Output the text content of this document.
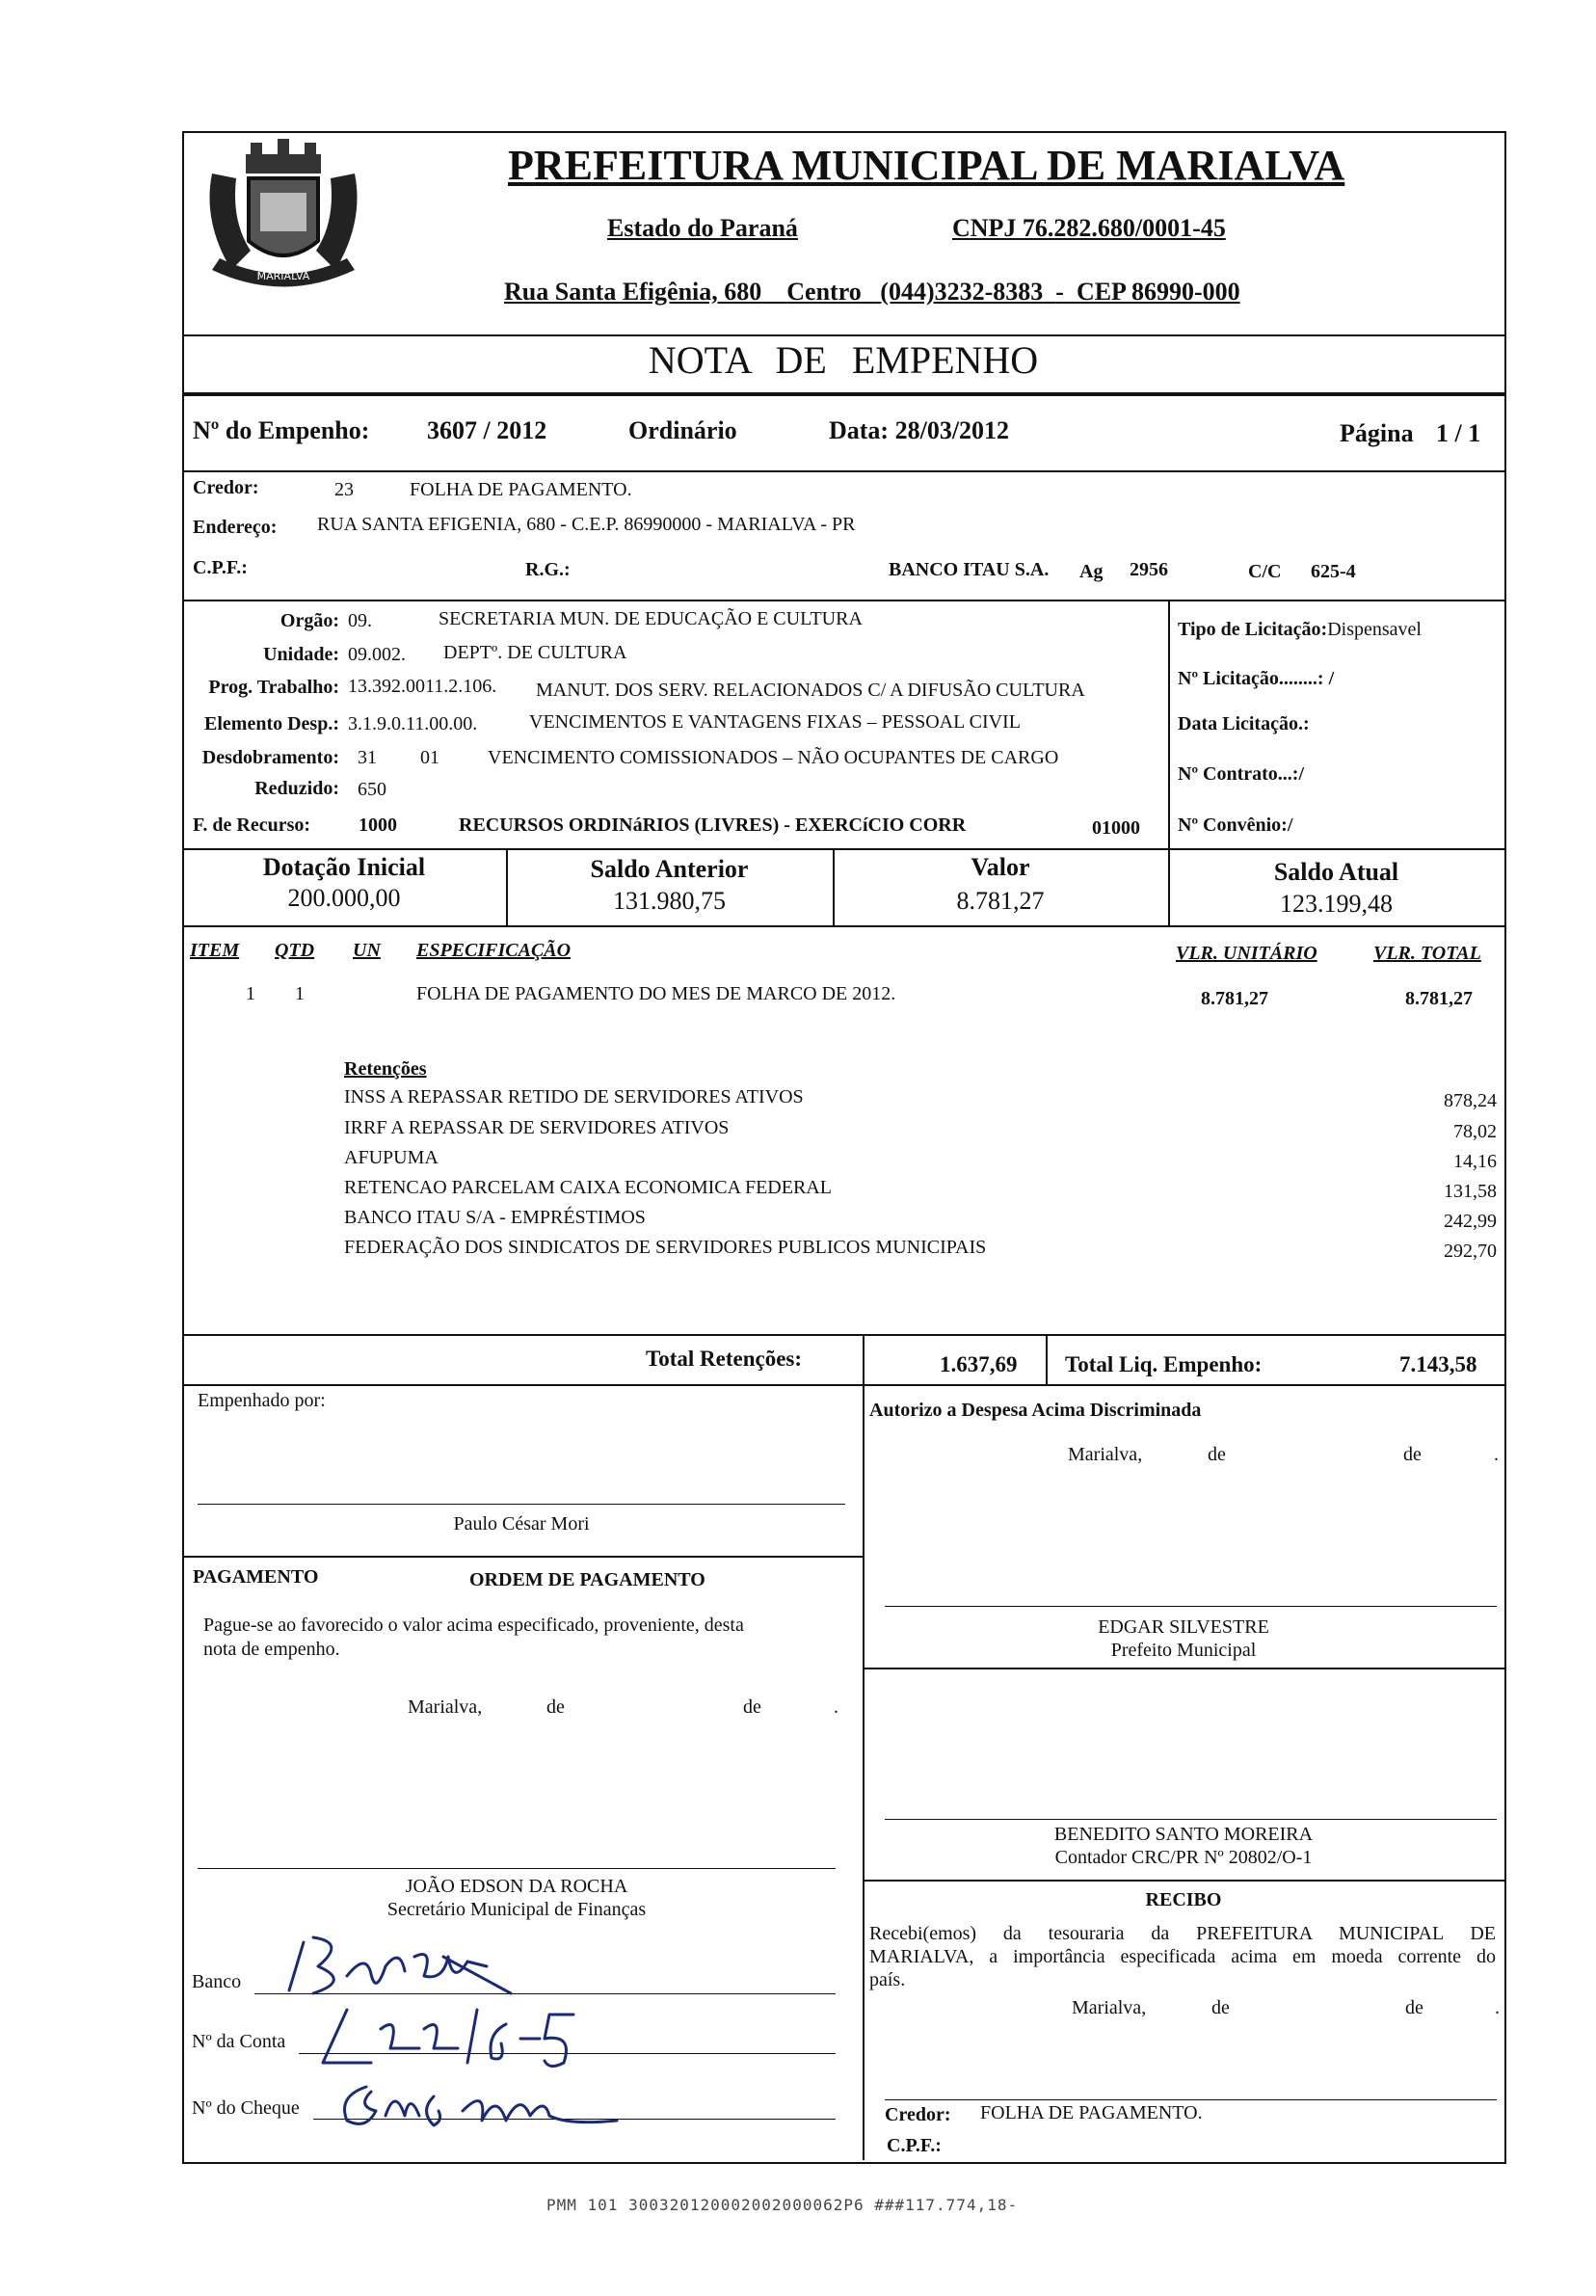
MARIALVA
PREFEITURA MUNICIPAL DE MARIALVA
Estado do Paraná	CNPJ 76.282.680/0001-45
Rua Santa Efigênia, 680 Centro (044)3232-8383 - CEP 86990-000
NOTA DE EMPENHO
Nº do Empenho: 3607 / 2012	Ordinário	Data: 28/03/2012	Página 1 / 1
Credor:	23	FOLHA DE PAGAMENTO.
Endereço: RUA SANTA EFIGENIA, 680 - C.E.P. 86990000 - MARIALVA - PR
C.P.F.:	R.G.:	BANCO ITAU S.A. Ag 2956	C/C 625-4
Orgão: 09.	SECRETARIA MUN. DE EDUCAÇÃO E CULTURA
Unidade: 09.002. DEPTº. DE CULTURA
Prog. Trabalho: 13.392.0011.2.106. MANUT. DOS SERV. RELACIONADOS C/ A DIFUSÃO CULTURA
Elemento Desp.: 3.1.9.0.11.00.00.	VENCIMENTOS E VANTAGENS FIXAS – PESSOAL CIVIL
Desdobramento: 31 01	VENCIMENTO COMISSIONADOS – NÃO OCUPANTES DE CARGO
Reduzido: 650
F. de Recurso: 1000	RECURSOS ORDINáRIOS (LIVRES) - EXERCíCIO CORR	01000
Tipo de Licitação:Dispensavel
Nº Licitação........: /
Data Licitação.:
Nº Contrato...:/
Nº Convênio:/
Dotação Inicial
200.000,00
Saldo Anterior
131.980,75
Valor
8.781,27
Saldo Atual
123.199,48
ITEM QTD UN ESPECIFICAÇÃO	VLR. UNITÁRIO	VLR. TOTAL
1 1	FOLHA DE PAGAMENTO DO MES DE MARCO DE 2012.	8.781,27	8.781,27
Retenções
INSS A REPASSAR RETIDO DE SERVIDORES ATIVOS	878,24
IRRF A REPASSAR DE SERVIDORES ATIVOS	78,02
AFUPUMA	14,16
RETENCAO PARCELAM CAIXA ECONOMICA FEDERAL	131,58
BANCO ITAU S/A - EMPRÉSTIMOS	242,99
FEDERAÇÃO DOS SINDICATOS DE SERVIDORES PUBLICOS MUNICIPAIS	292,70
Total Retenções:	1.637,69 Total Liq. Empenho:	7.143,58
Empenhado por:
Paulo César Mori
PAGAMENTO	ORDEM DE PAGAMENTO
Pague-se ao favorecido o valor acima especificado, proveniente, desta
nota de empenho.
Marialva,	de	de	.
JOÃO EDSON DA ROCHA
Secretário Municipal de Finanças
Banco
Nº da Conta
Nº do Cheque
Autorizo a Despesa Acima Discriminada
Marialva,	de	de	.
EDGAR SILVESTRE
Prefeito Municipal
BENEDITO SANTO MOREIRA
Contador CRC/PR Nº 20802/O-1
RECIBO
Recebi(emos) da tesouraria da PREFEITURA MUNICIPAL DE
MARIALVA, a importância especificada acima em moeda corrente do
país.
Marialva,	de	de	.
Credor: FOLHA DE PAGAMENTO.
C.P.F.:
PMM 101 300320120002002000062P6 ###117.774,18-
